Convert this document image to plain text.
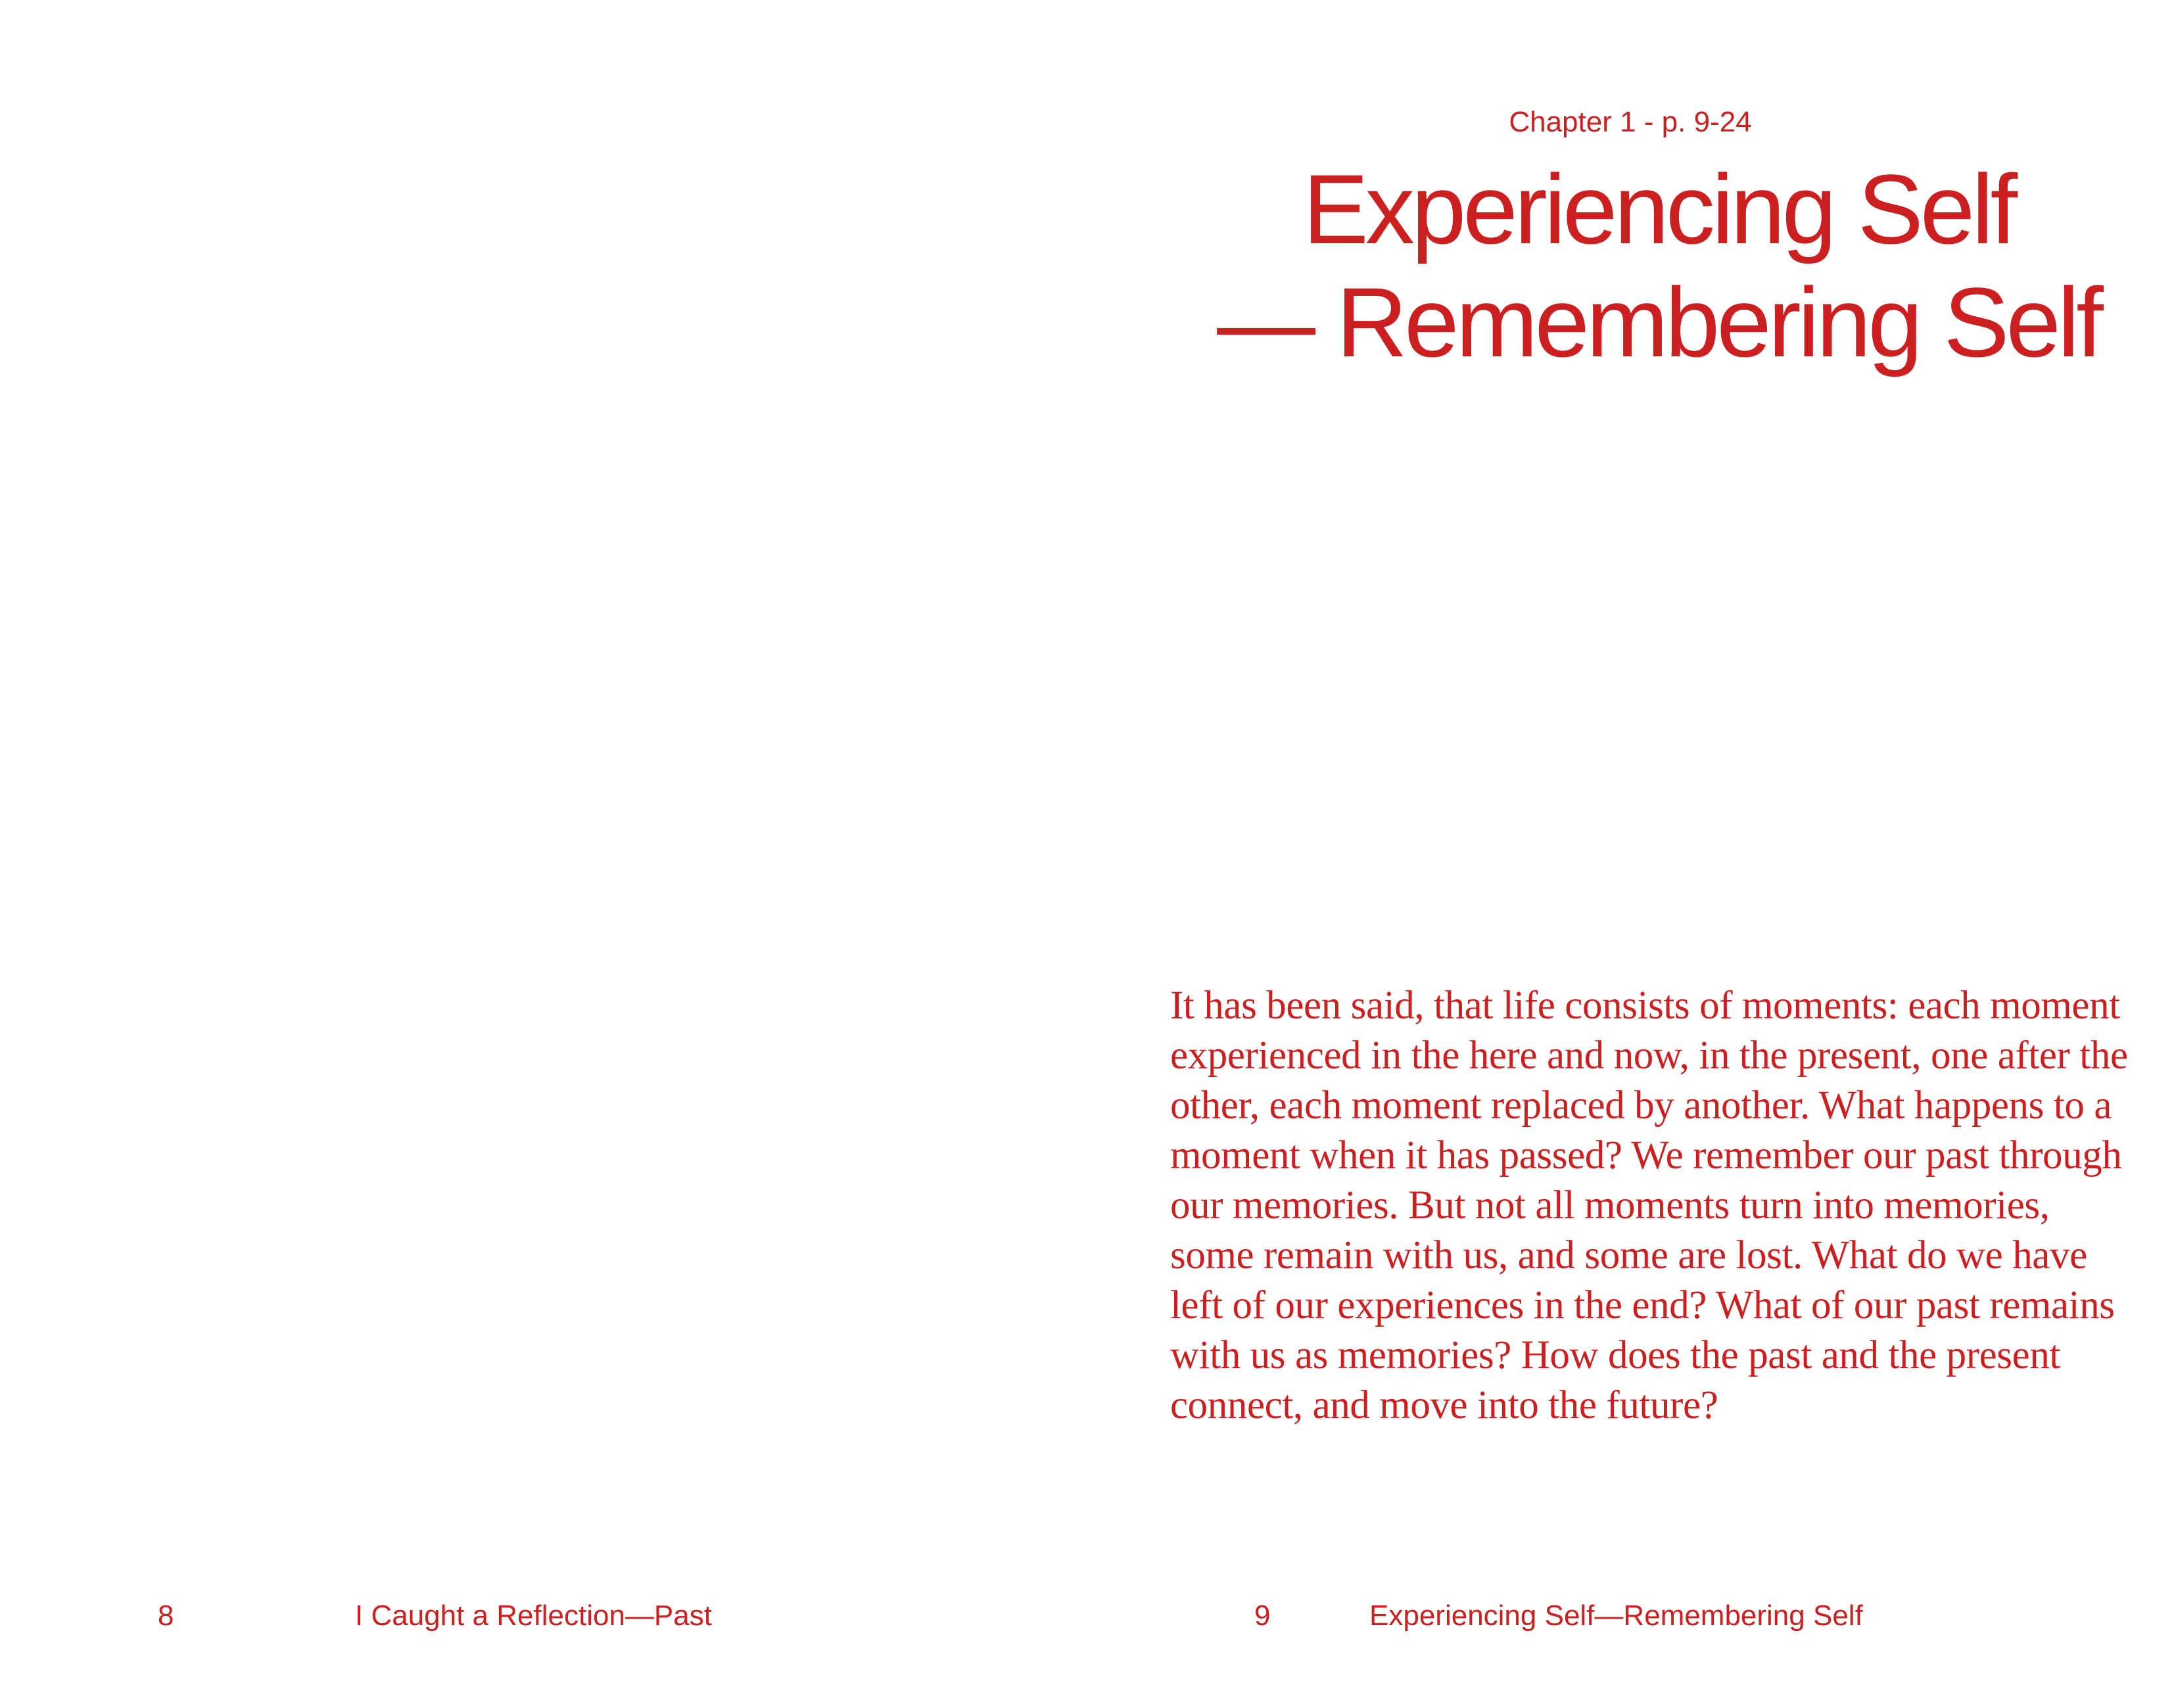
8	I Caught a Reflection—Past
Chapter 1 - p. 9-24
Experiencing Self
— Remembering Self

It has been said, that life consists of moments: each moment experienced in the here and now, in the present, one after the other, each moment replaced by another. What happens to a moment when it has passed? We remember our past through our memories. But not all moments turn into memories, some remain with us, and some are lost. What do we have left of our experiences in the end? What of our past remains with us as memories? How does the past and the present connect, and move into the future?

9	Experiencing Self—Remembering Self
